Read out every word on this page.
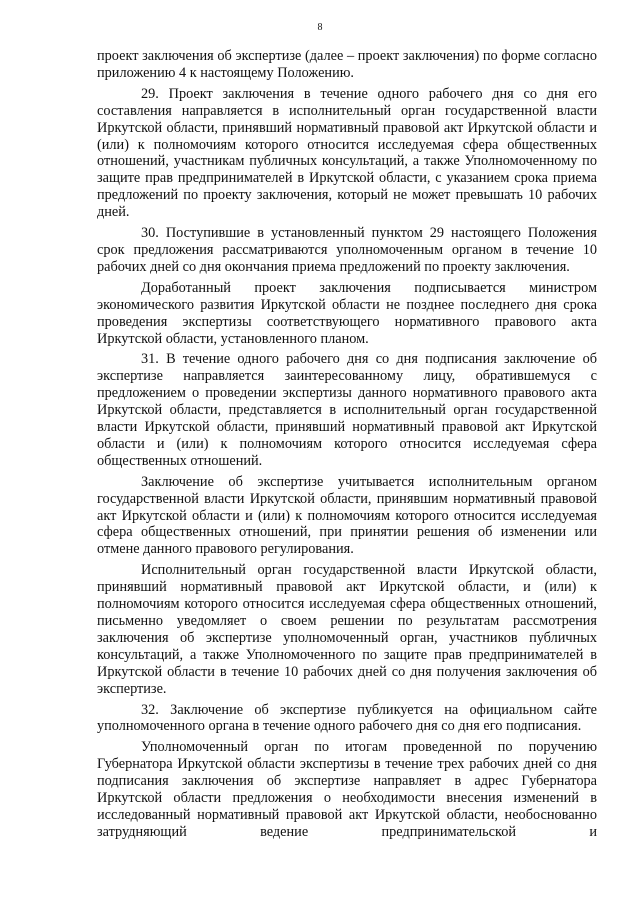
8

проект заключения об экспертизе (далее – проект заключения) по форме согласно приложению 4 к настоящему Положению.

29. Проект заключения в течение одного рабочего дня со дня его составления направляется в исполнительный орган государственной власти Иркутской области, принявший нормативный правовой акт Иркутской области и (или) к полномочиям которого относится исследуемая сфера общественных отношений, участникам публичных консультаций, а также Уполномоченному по защите прав предпринимателей в Иркутской области, с указанием срока приема предложений по проекту заключения, который не может превышать 10 рабочих дней.

30. Поступившие в установленный пунктом 29 настоящего Положения срок предложения рассматриваются уполномоченным органом в течение 10 рабочих дней со дня окончания приема предложений по проекту заключения.

Доработанный проект заключения подписывается министром экономического развития Иркутской области не позднее последнего дня срока проведения экспертизы соответствующего нормативного правового акта Иркутской области, установленного планом.

31. В течение одного рабочего дня со дня подписания заключение об экспертизе направляется заинтересованному лицу, обратившемуся с предложением о проведении экспертизы данного нормативного правового акта Иркутской области, представляется в исполнительный орган государственной власти Иркутской области, принявший нормативный правовой акт Иркутской области и (или) к полномочиям которого относится исследуемая сфера общественных отношений.

Заключение об экспертизе учитывается исполнительным органом государственной власти Иркутской области, принявшим нормативный правовой акт Иркутской области и (или) к полномочиям которого относится исследуемая сфера общественных отношений, при принятии решения об изменении или отмене данного правового регулирования.

Исполнительный орган государственной власти Иркутской области, принявший нормативный правовой акт Иркутской области, и (или) к полномочиям которого относится исследуемая сфера общественных отношений, письменно уведомляет о своем решении по результатам рассмотрения заключения об экспертизе уполномоченный орган, участников публичных консультаций, а также Уполномоченного по защите прав предпринимателей в Иркутской области в течение 10 рабочих дней со дня получения заключения об экспертизе.

32. Заключение об экспертизе публикуется на официальном сайте уполномоченного органа в течение одного рабочего дня со дня его подписания.

Уполномоченный орган по итогам проведенной по поручению Губернатора Иркутской области экспертизы в течение трех рабочих дней со дня подписания заключения об экспертизе направляет в адрес Губернатора Иркутской области предложения о необходимости внесения изменений в исследованный нормативный правовой акт Иркутской области, необоснованно затрудняющий ведение предпринимательской и
